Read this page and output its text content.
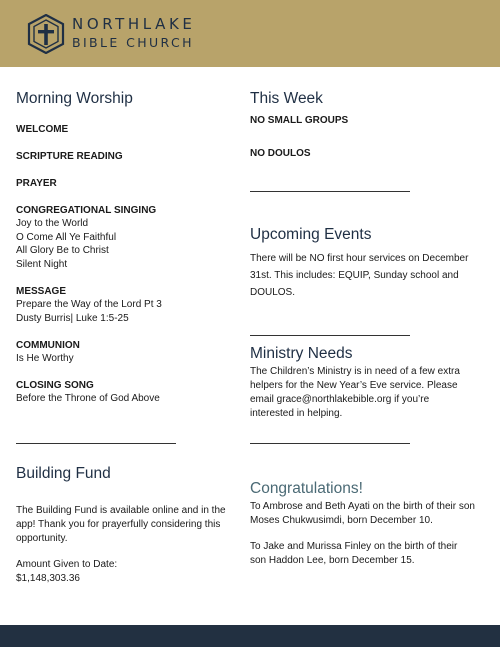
NORTHLAKE
BIBLE CHURCH
Morning Worship
WELCOME
SCRIPTURE READING
PRAYER
CONGREGATIONAL SINGING
Joy to the World
O Come All Ye Faithful
All Glory Be to Christ
Silent Night
MESSAGE
Prepare the Way of the Lord Pt 3
Dusty Burris| Luke 1:5-25
COMMUNION
Is He Worthy
CLOSING SONG
Before the Throne of God Above
Building Fund
The Building Fund is available online and in the app! Thank you for prayerfully considering this opportunity.
Amount Given to Date:
$1,148,303.36
This Week
NO SMALL GROUPS
NO DOULOS
Upcoming Events
There will be NO first hour services on December 31st. This includes: EQUIP, Sunday school and DOULOS.
Ministry Needs
The Children’s Ministry is in need of a few extra helpers for the New Year’s Eve service. Please email grace@northlakebible.org if you’re interested in helping.
Congratulations!
To Ambrose and Beth Ayati on the birth of their son Moses Chukwusimdi, born December 10.
To Jake and Murissa Finley on the birth of their son Haddon Lee, born December 15.
